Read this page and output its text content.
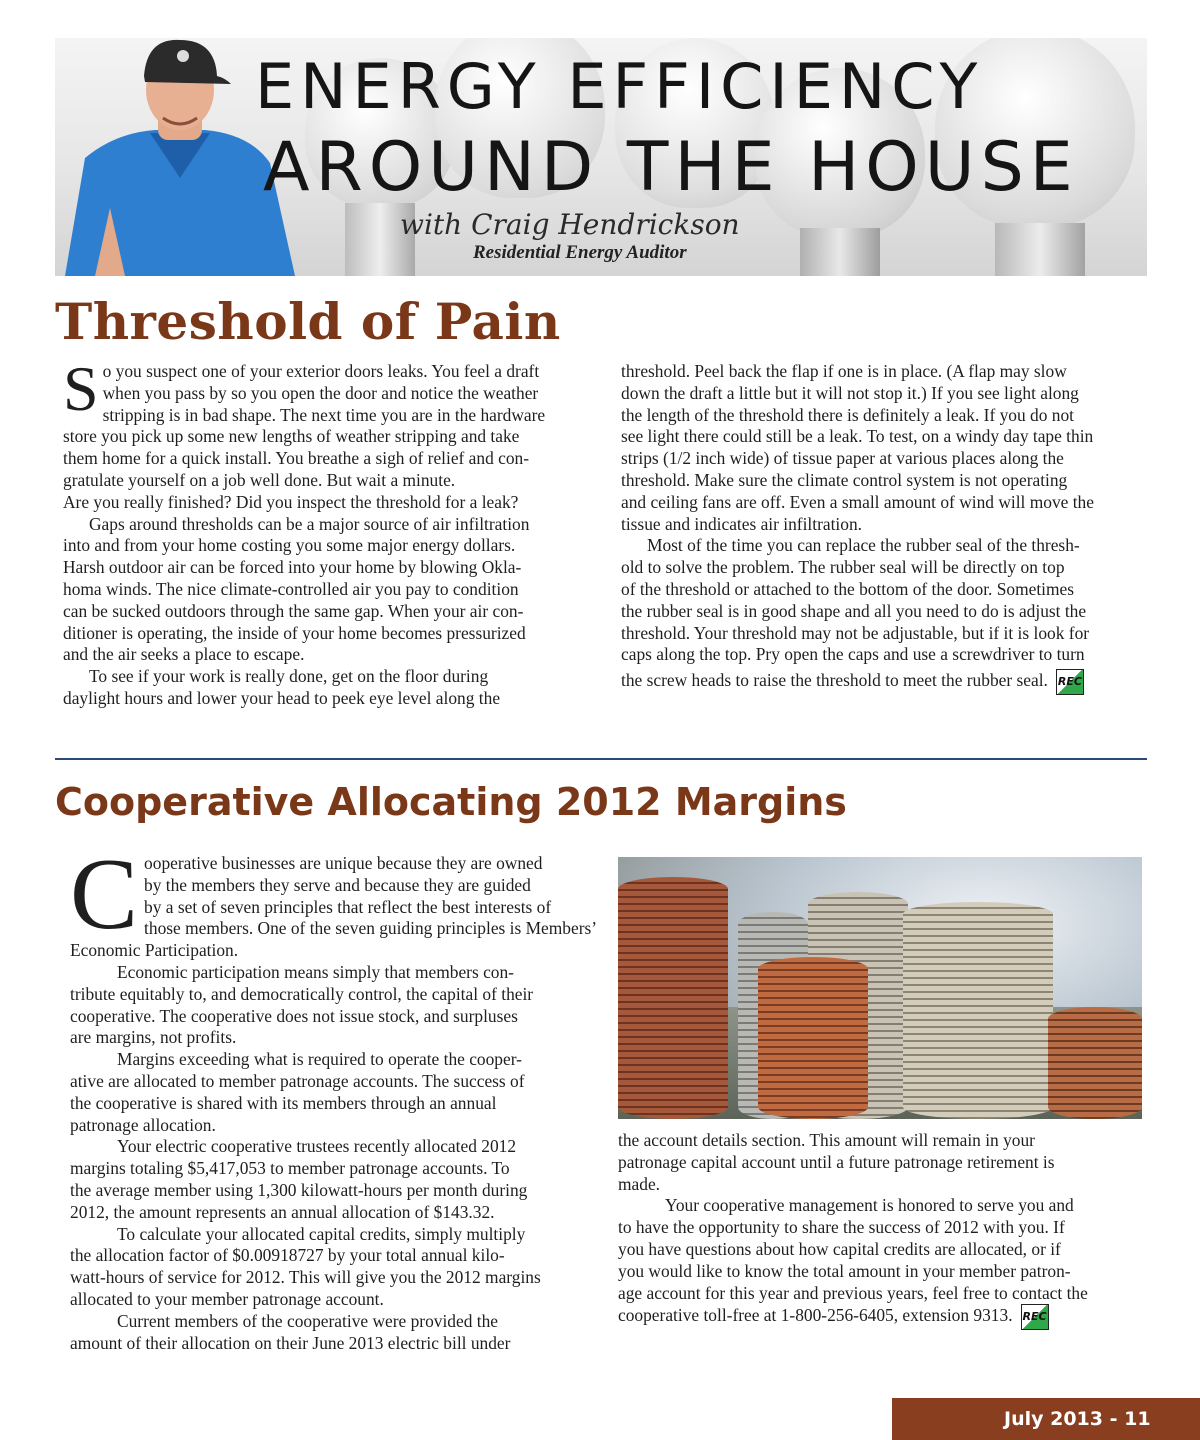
ENERGY EFFICIENCY
AROUND THE HOUSE
with Craig Hendrickson
Residential Energy Auditor
Threshold of Pain
S o you suspect one of your exterior doors leaks. You feel a draft

when you pass by so you open the door and notice the weather

stripping is in bad shape. The next time you are in the hardware

store you pick up some new lengths of weather stripping and take

them home for a quick install. You breathe a sigh of relief and con-

gratulate yourself on a job well done. But wait a minute.

Are you really finished? Did you inspect the threshold for a leak?

Gaps around thresholds can be a major source of air infiltration

into and from your home costing you some major energy dollars.

Harsh outdoor air can be forced into your home by blowing Okla-

homa winds. The nice climate-controlled air you pay to condition

can be sucked outdoors through the same gap. When your air con-

ditioner is operating, the inside of your home becomes pressurized

and the air seeks a place to escape.

To see if your work is really done, get on the floor during

daylight hours and lower your head to peek eye level along the

threshold. Peel back the flap if one is in place. (A flap may slow

down the draft a little but it will not stop it.) If you see light along

the length of the threshold there is definitely a leak. If you do not

see light there could still be a leak. To test, on a windy day tape thin

strips (1/2 inch wide) of tissue paper at various places along the

threshold. Make sure the climate control system is not operating

and ceiling fans are off. Even a small amount of wind will move the

tissue and indicates air infiltration.

Most of the time you can replace the rubber seal of the thresh-

old to solve the problem. The rubber seal will be directly on top

of the threshold or attached to the bottom of the door. Sometimes

the rubber seal is in good shape and all you need to do is adjust the

threshold. Your threshold may not be adjustable, but if it is look for

caps along the top. Pry open the caps and use a screwdriver to turn

the screw heads to raise the threshold to meet the rubber seal. REC

Cooperative Allocating 2012 Margins
C ooperative businesses are unique because they are owned

by the members they serve and because they are guided

by a set of seven principles that reflect the best interests of

those members. One of the seven guiding principles is Members’

Economic Participation.

Economic participation means simply that members con-

tribute equitably to, and democratically control, the capital of their

cooperative. The cooperative does not issue stock, and surpluses

are margins, not profits.

Margins exceeding what is required to operate the cooper-

ative are allocated to member patronage accounts. The success of

the cooperative is shared with its members through an annual

patronage allocation.

Your electric cooperative trustees recently allocated 2012

margins totaling $5,417,053 to member patronage accounts. To

the average member using 1,300 kilowatt-hours per month during

2012, the amount represents an annual allocation of $143.32.

To calculate your allocated capital credits, simply multiply

the allocation factor of $0.00918727 by your total annual kilo-

watt-hours of service for 2012. This will give you the 2012 margins

allocated to your member patronage account.

Current members of the cooperative were provided the

amount of their allocation on their June 2013 electric bill under

the account details section. This amount will remain in your

patronage capital account until a future patronage retirement is

made.

Your cooperative management is honored to serve you and

to have the opportunity to share the success of 2012 with you. If

you have questions about how capital credits are allocated, or if

you would like to know the total amount in your member patron-

age account for this year and previous years, feel free to contact the

cooperative toll-free at 1-800-256-6405, extension 9313. REC

July 2013 - 11
